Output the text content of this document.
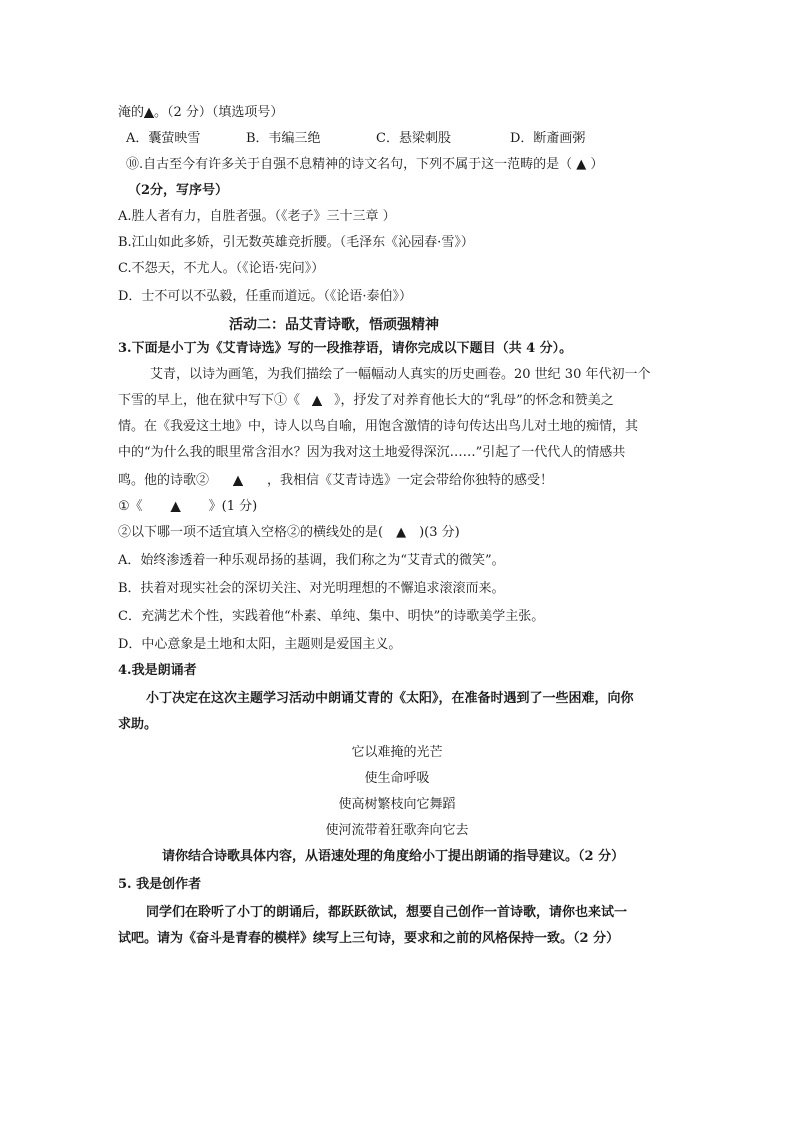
淹的▲。（2 分）（填选项号）
A．囊萤映雪	B．韦编三绝	C．悬梁刺股	D．断齑画粥
⑩.自古至今有许多关于自强不息精神的诗文名句，下列不属于这一范畴的是（ ▲ ）
（2分，写序号）
A.胜人者有力，自胜者强。（《老子》三十三章 ）
B.江山如此多娇，引无数英雄竞折腰。（毛泽东《沁园春·雪》）
C.不怨天，不尤人。（《论语·宪问》）
D．士不可以不弘毅，任重而道远。（《论语·泰伯》）
活动二：品艾青诗歌，悟顽强精神
3.下面是小丁为《艾青诗选》写的一段推荐语，请你完成以下题目（共 4 分）。
艾青，以诗为画笔，为我们描绘了一幅幅动人真实的历史画卷。20 世纪 30 年代初一个
下雪的早上，他在狱中写下①《 ▲ 》，抒发了对养育他长大的“乳母”的怀念和赞美之
情。在《我爱这土地》中，诗人以鸟自喻，用饱含激情的诗句传达出鸟儿对土地的痴情，其
中的“为什么我的眼里常含泪水？因为我对这土地爱得深沉……”引起了一代代人的情感共
鸣。他的诗歌② ▲ ，我相信《艾青诗选》一定会带给你独特的感受！
①《 ▲ 》(1 分)
②以下哪一项不适宜填入空格②的横线处的是(　▲　)(3 分)
A．始终渗透着一种乐观昂扬的基调，我们称之为“艾青式的微笑”。
B．扶着对现实社会的深切关注、对光明理想的不懈追求滚滚而来。
C．充满艺术个性，实践着他“朴素、单纯、集中、明快”的诗歌美学主张。
D．中心意象是土地和太阳，主题则是爱国主义。
4.我是朗诵者
小丁决定在这次主题学习活动中朗诵艾青的《太阳》，在准备时遇到了一些困难，向你
求助。
它以难掩的光芒
使生命呼吸
使高树繁枝向它舞蹈
使河流带着狂歌奔向它去
请你结合诗歌具体内容，从语速处理的角度给小丁提出朗诵的指导建议。（2 分）
5. 我是创作者
同学们在聆听了小丁的朗诵后，都跃跃欲试，想要自己创作一首诗歌，请你也来试一
试吧。请为《奋斗是青春的模样》续写上三句诗，要求和之前的风格保持一致。（2 分）
